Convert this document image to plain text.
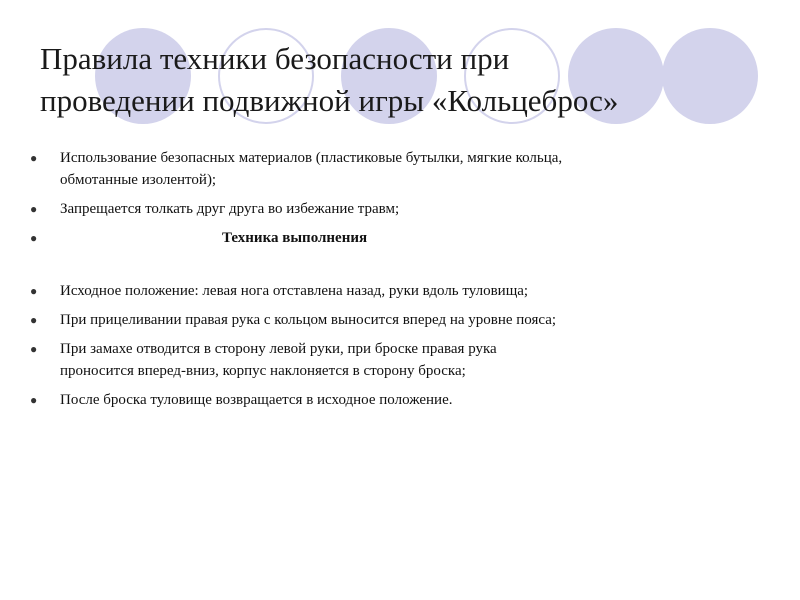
Правила техники безопасности при
проведении подвижной игры «Кольцеброс»
● Использование безопасных материалов (пластиковые бутылки, мягкие кольца,
обмотанные изолентой);
● Запрещается толкать друг друга во избежание травм;
●	Техника выполнения
● Исходное положение: левая нога отставлена назад, руки вдоль туловища;
● При прицеливании правая рука с кольцом выносится вперед на уровне пояса;
● При замахе отводится в сторону левой руки, при броске правая рука
проносится вперед-вниз, корпус наклоняется в сторону броска;
● После броска туловище возвращается в исходное положение.
